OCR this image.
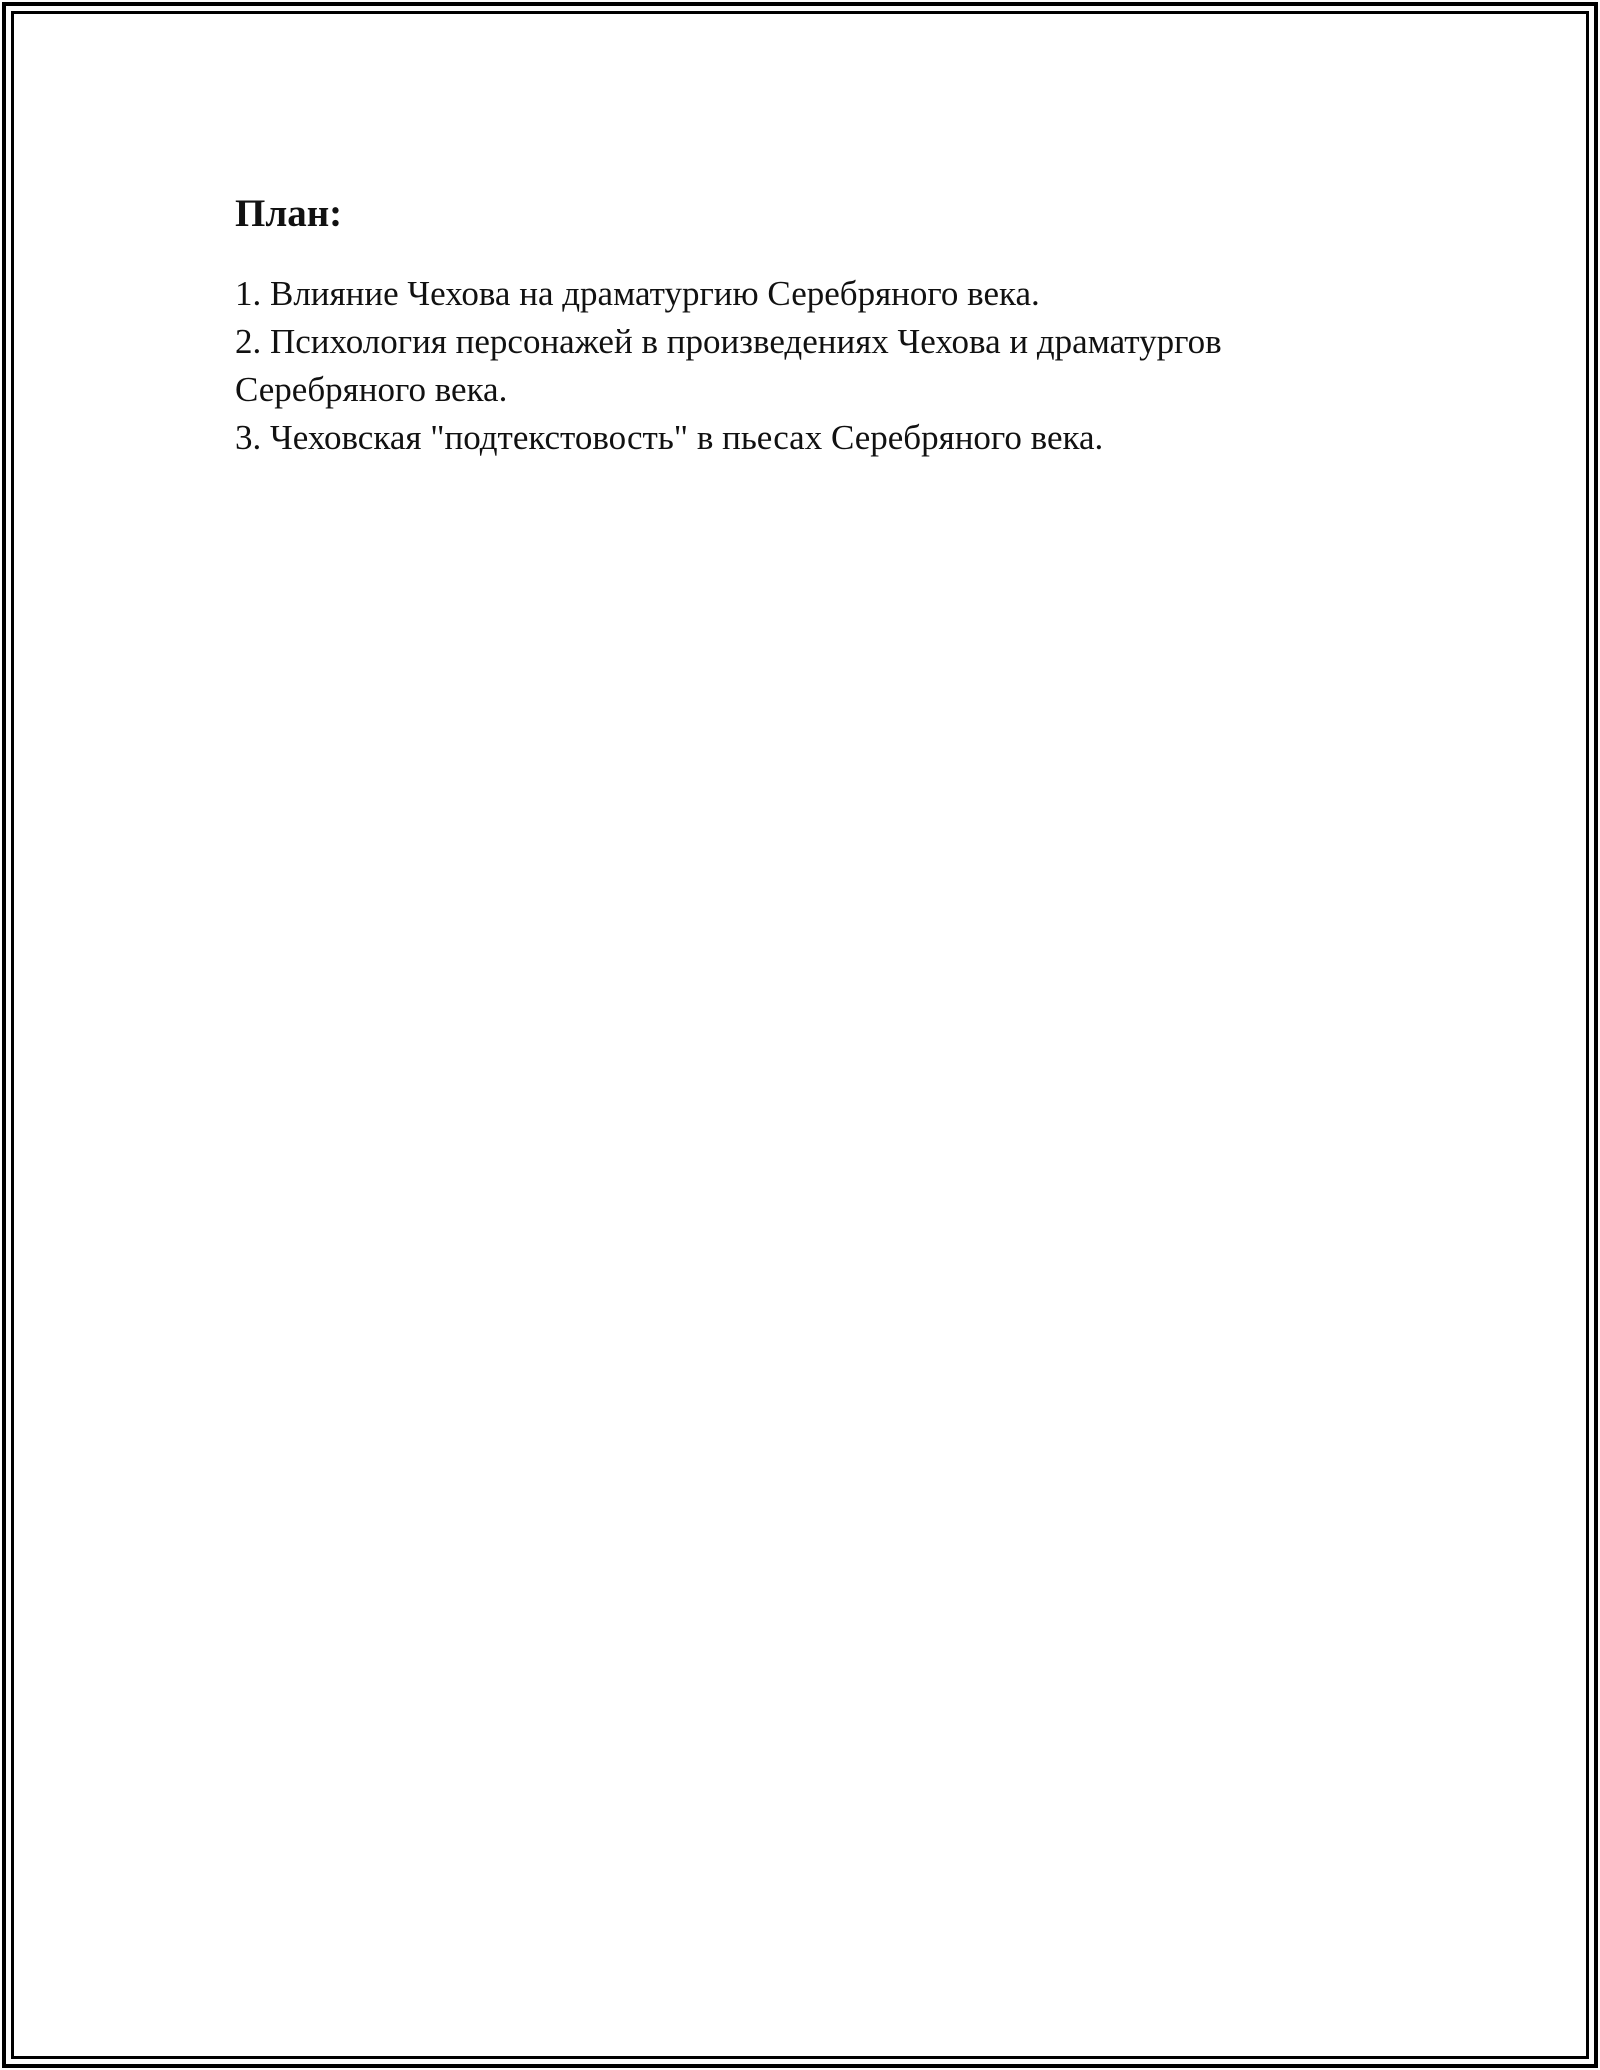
План:
1. Влияние Чехова на драматургию Серебряного века.
2. Психология персонажей в произведениях Чехова и драматургов Серебряного века.
3. Чеховская "подтекстовость" в пьесах Серебряного века.
